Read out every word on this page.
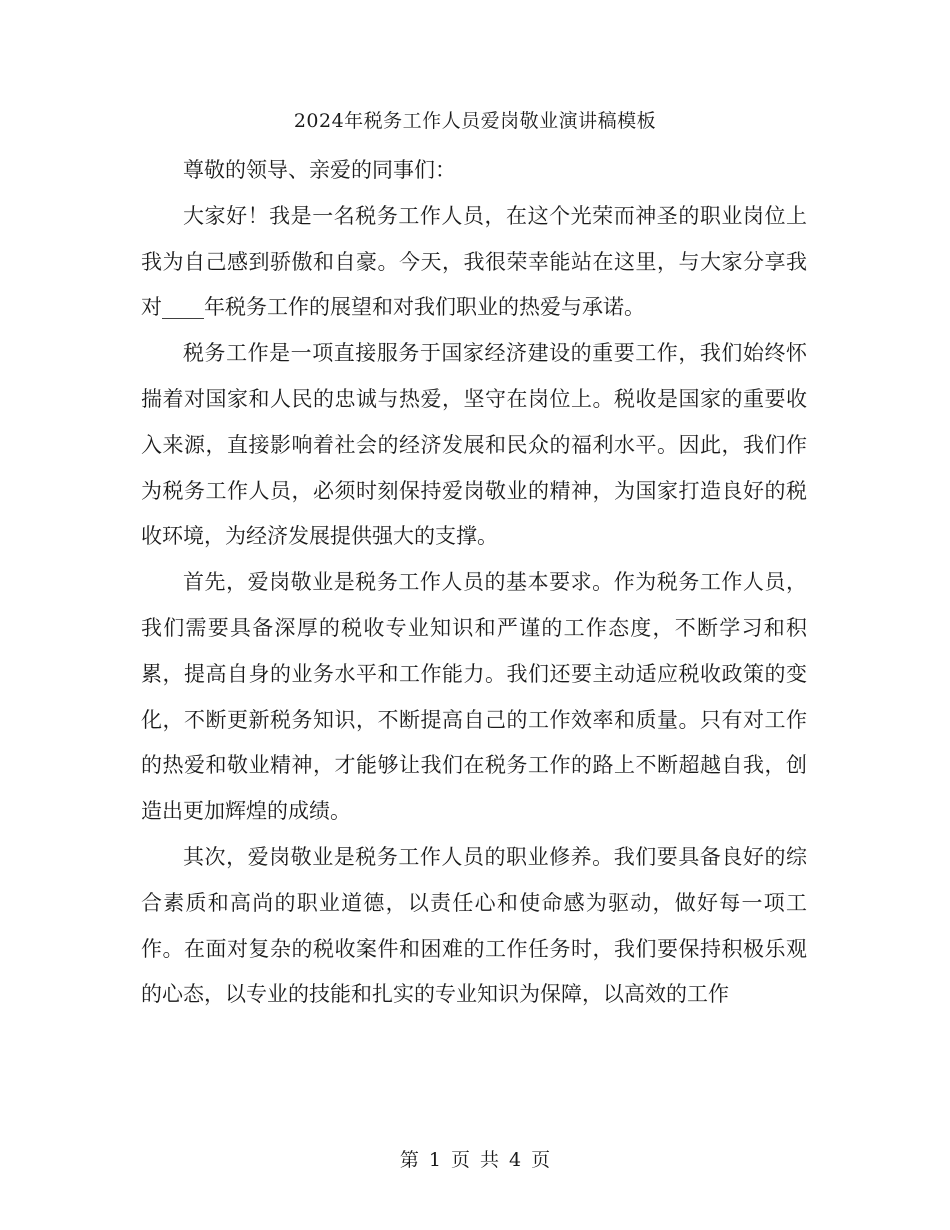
2024年税务工作人员爱岗敬业演讲稿模板

尊敬的领导、亲爱的同事们：

大家好！我是一名税务工作人员，在这个光荣而神圣的职业岗位上我为自己感到骄傲和自豪。今天，我很荣幸能站在这里，与大家分享我对____年税务工作的展望和对我们职业的热爱与承诺。

税务工作是一项直接服务于国家经济建设的重要工作，我们始终怀揣着对国家和人民的忠诚与热爱，坚守在岗位上。税收是国家的重要收入来源，直接影响着社会的经济发展和民众的福利水平。因此，我们作为税务工作人员，必须时刻保持爱岗敬业的精神，为国家打造良好的税收环境，为经济发展提供强大的支撑。

首先，爱岗敬业是税务工作人员的基本要求。作为税务工作人员，我们需要具备深厚的税收专业知识和严谨的工作态度，不断学习和积累，提高自身的业务水平和工作能力。我们还要主动适应税收政策的变化，不断更新税务知识，不断提高自己的工作效率和质量。只有对工作的热爱和敬业精神，才能够让我们在税务工作的路上不断超越自我，创造出更加辉煌的成绩。

其次，爱岗敬业是税务工作人员的职业修养。我们要具备良好的综合素质和高尚的职业道德，以责任心和使命感为驱动，做好每一项工作。在面对复杂的税收案件和困难的工作任务时，我们要保持积极乐观的心态，以专业的技能和扎实的专业知识为保障，以高效的工作

第 1 页 共 4 页
